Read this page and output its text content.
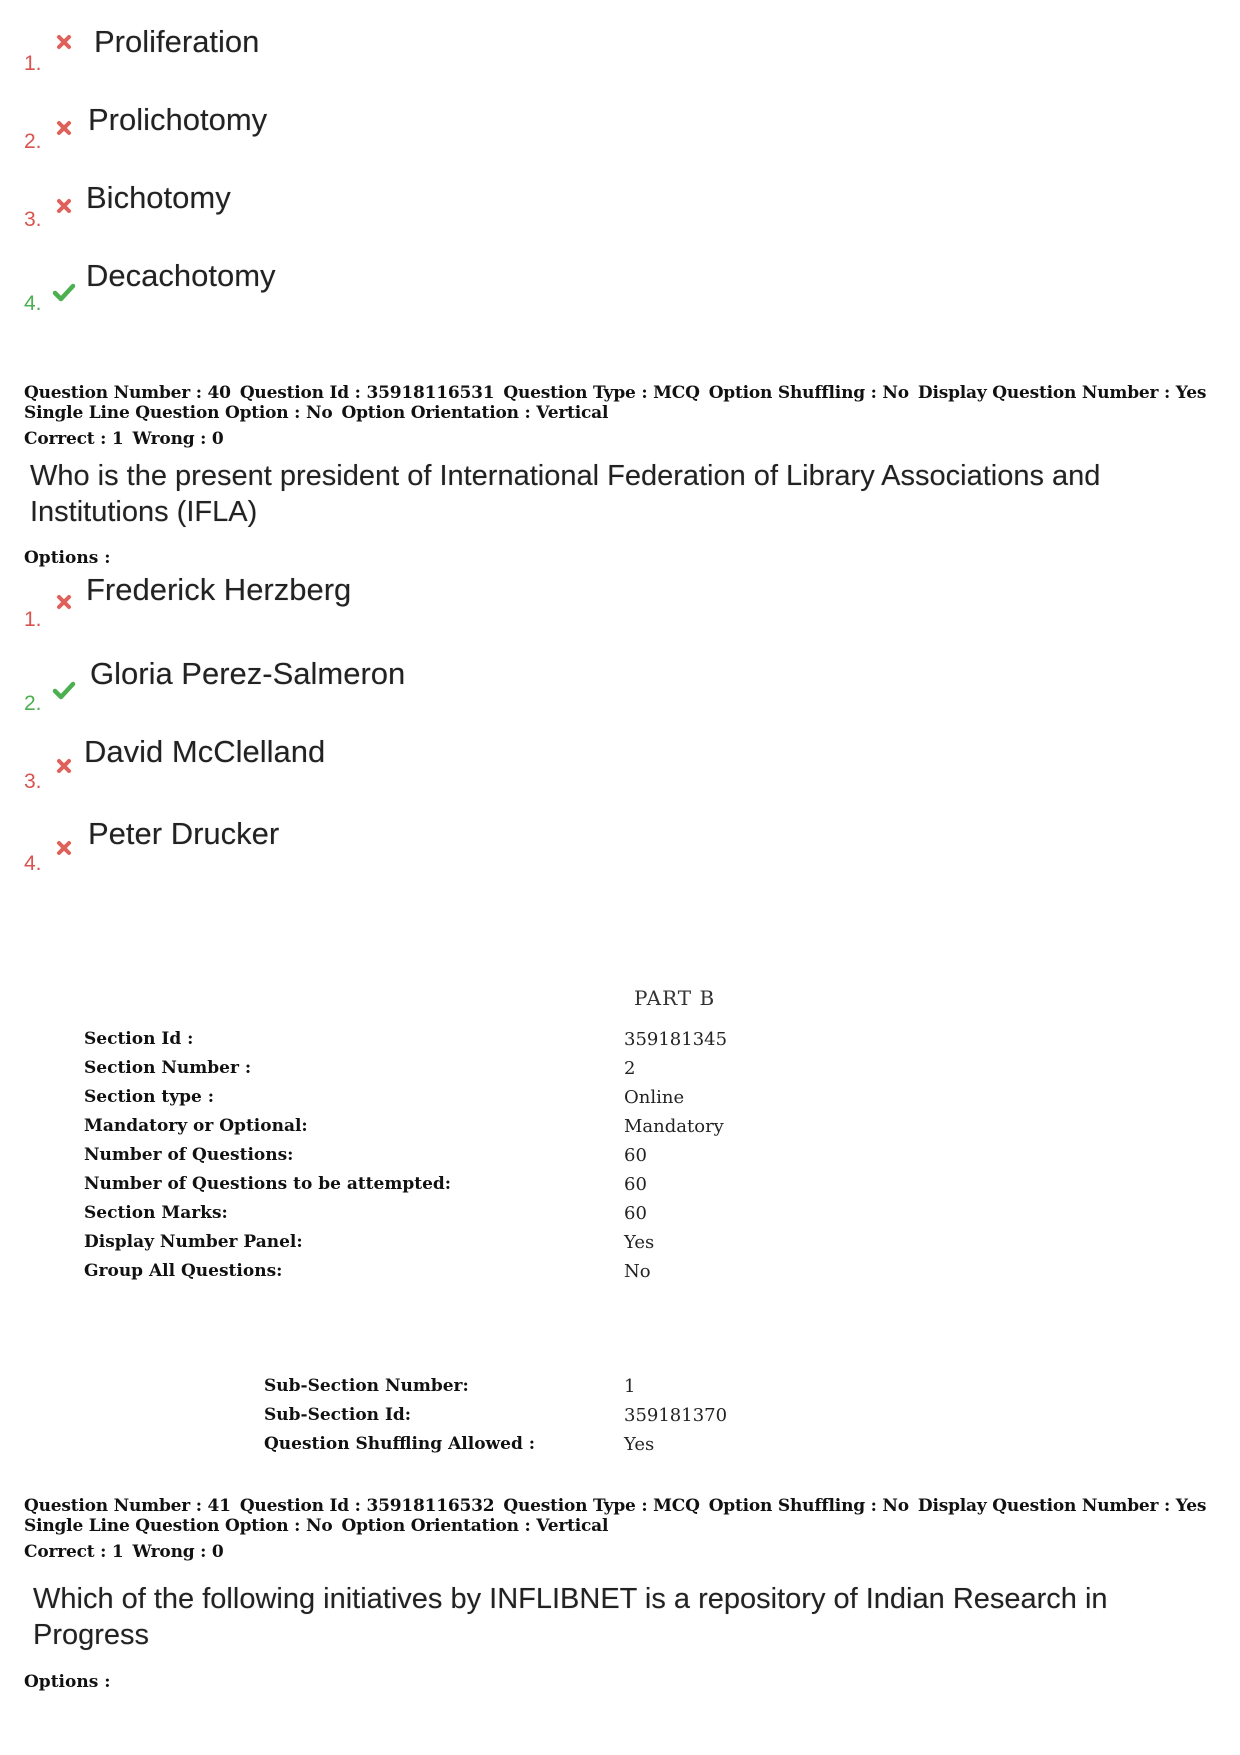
1.
Proliferation
2.
Prolichotomy
3.
Bichotomy
4.
Decachotomy
Question Number : 40 Question Id : 35918116531 Question Type : MCQ Option Shuffling : No Display Question Number : Yes
Single Line Question Option : No Option Orientation : Vertical
Correct : 1 Wrong : 0
Who is the present president of International Federation of Library Associations and Institutions (IFLA)
Options :
1.
Frederick Herzberg
2.
Gloria Perez-Salmeron
3.
David McClelland
4.
Peter Drucker
PART B
Section Id :	359181345
Section Number :	2
Section type :	Online
Mandatory or Optional:	Mandatory
Number of Questions:	60
Number of Questions to be attempted:	60
Section Marks:	60
Display Number Panel:	Yes
Group All Questions:	No
Sub-Section Number:	1
Sub-Section Id:	359181370
Question Shuffling Allowed :	Yes
Question Number : 41 Question Id : 35918116532 Question Type : MCQ Option Shuffling : No Display Question Number : Yes
Single Line Question Option : No Option Orientation : Vertical
Correct : 1 Wrong : 0
Which of the following initiatives by INFLIBNET is a repository of Indian Research in Progress
Options :
